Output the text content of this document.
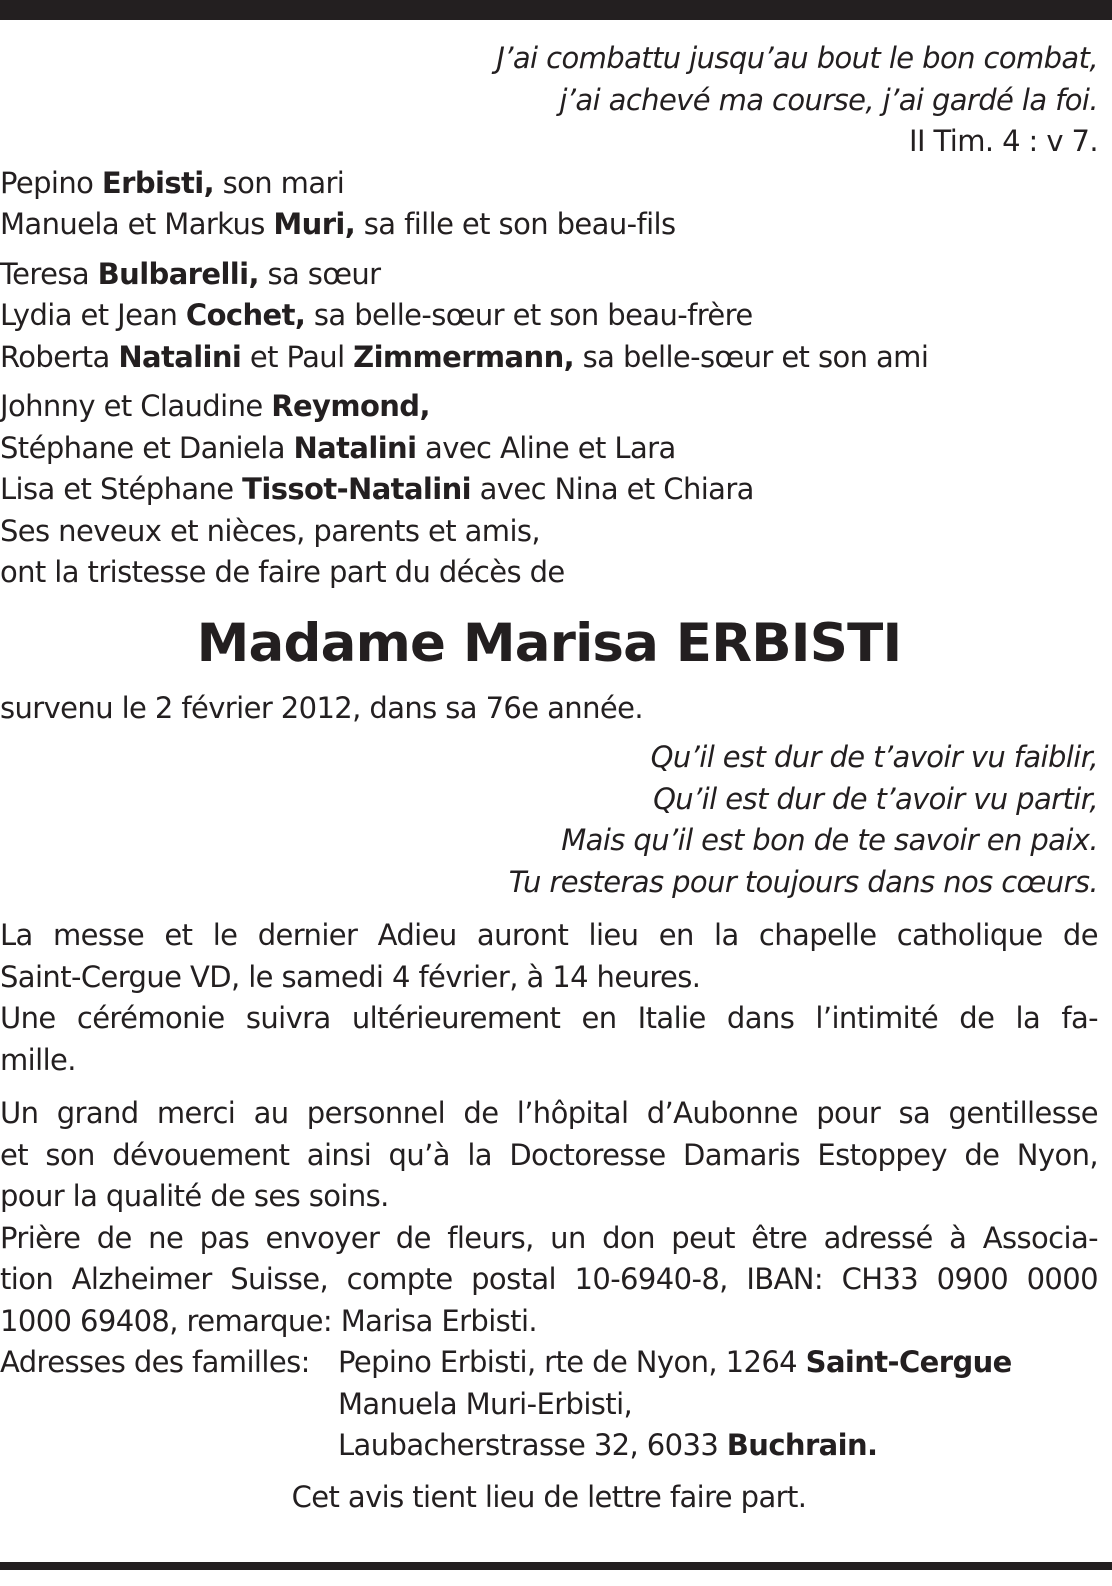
J’ai combattu jusqu’au bout le bon combat,
j’ai achevé ma course, j’ai gardé la foi.
II Tim. 4 : v 7.
Pepino Erbisti, son mari
Manuela et Markus Muri, sa fille et son beau-fils
Teresa Bulbarelli, sa sœur
Lydia et Jean Cochet, sa belle-sœur et son beau-frère
Roberta Natalini et Paul Zimmermann, sa belle-sœur et son ami
Johnny et Claudine Reymond,
Stéphane et Daniela Natalini avec Aline et Lara
Lisa et Stéphane Tissot-Natalini avec Nina et Chiara
Ses neveux et nièces, parents et amis,
ont la tristesse de faire part du décès de
Madame Marisa ERBISTI
survenu le 2 février 2012, dans sa 76e année.
Qu’il est dur de t’avoir vu faiblir,
Qu’il est dur de t’avoir vu partir,
Mais qu’il est bon de te savoir en paix.
Tu resteras pour toujours dans nos cœurs.
La messe et le dernier Adieu auront lieu en la chapelle catholique de
Saint-Cergue VD, le samedi 4 février, à 14 heures.
Une cérémonie suivra ultérieurement en Italie dans l’intimité de la fa-
mille.
Un grand merci au personnel de l’hôpital d’Aubonne pour sa gentillesse
et son dévouement ainsi qu’à la Doctoresse Damaris Estoppey de Nyon,
pour la qualité de ses soins.
Prière de ne pas envoyer de fleurs, un don peut être adressé à Associa-
tion Alzheimer Suisse, compte postal 10-6940-8, IBAN: CH33 0900 0000
1000 69408, remarque: Marisa Erbisti.
Adresses des familles: Pepino Erbisti, rte de Nyon, 1264 Saint-Cergue
Manuela Muri-Erbisti,
Laubacherstrasse 32, 6033 Buchrain.
Cet avis tient lieu de lettre faire part.
